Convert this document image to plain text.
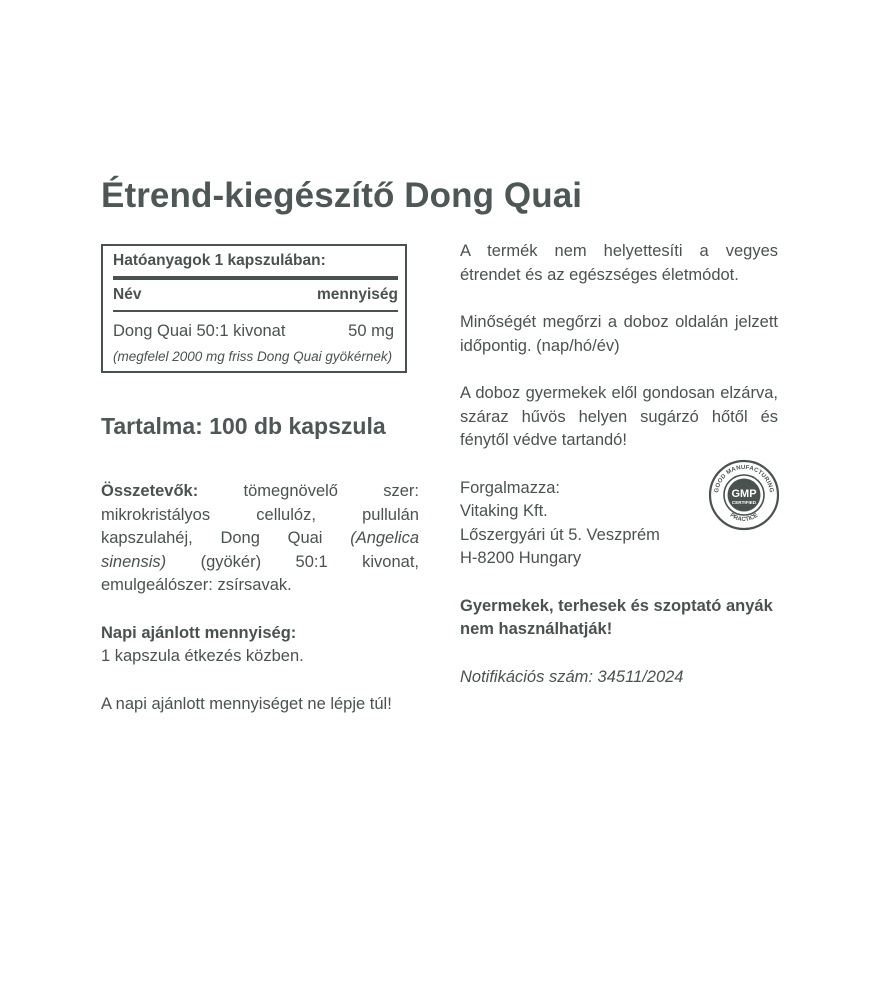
Étrend-kiegészítő Dong Quai
Hatóanyagok 1 kapszulában:
Név	mennyiség
Dong Quai 50:1 kivonat	50 mg
(megfelel 2000 mg friss Dong Quai gyökérnek)
Tartalma: 100 db kapszula

Összetevők: tömegnövelő szer: mikrokristályos cellulóz, pullulán kapszulahéj, Dong Quai (Angelica sinensis) (gyökér) 50:1 kivonat, emulgeálószer: zsírsavak.

Napi ajánlott mennyiség:

1 kapszula étkezés közben.

A napi ajánlott mennyiséget ne lépje túl!

A termék nem helyettesíti a vegyes étrendet és az egészséges életmódot.

Minőségét megőrzi a doboz oldalán jelzett időpontig. (nap/hó/év)

A doboz gyermekek elől gondosan elzárva, száraz hűvös helyen sugárzó hőtől és fénytől védve tartandó!

Forgalmazza:

Vitaking Kft.

Lőszergyári út 5. Veszprém

H-8200 Hungary

GOOD MANUFACTURING
PRACTICE
GMP
CERTIFIED

Gyermekek, terhesek és szoptató anyák nem használhatják!

Notifikációs szám: 34511/2024
